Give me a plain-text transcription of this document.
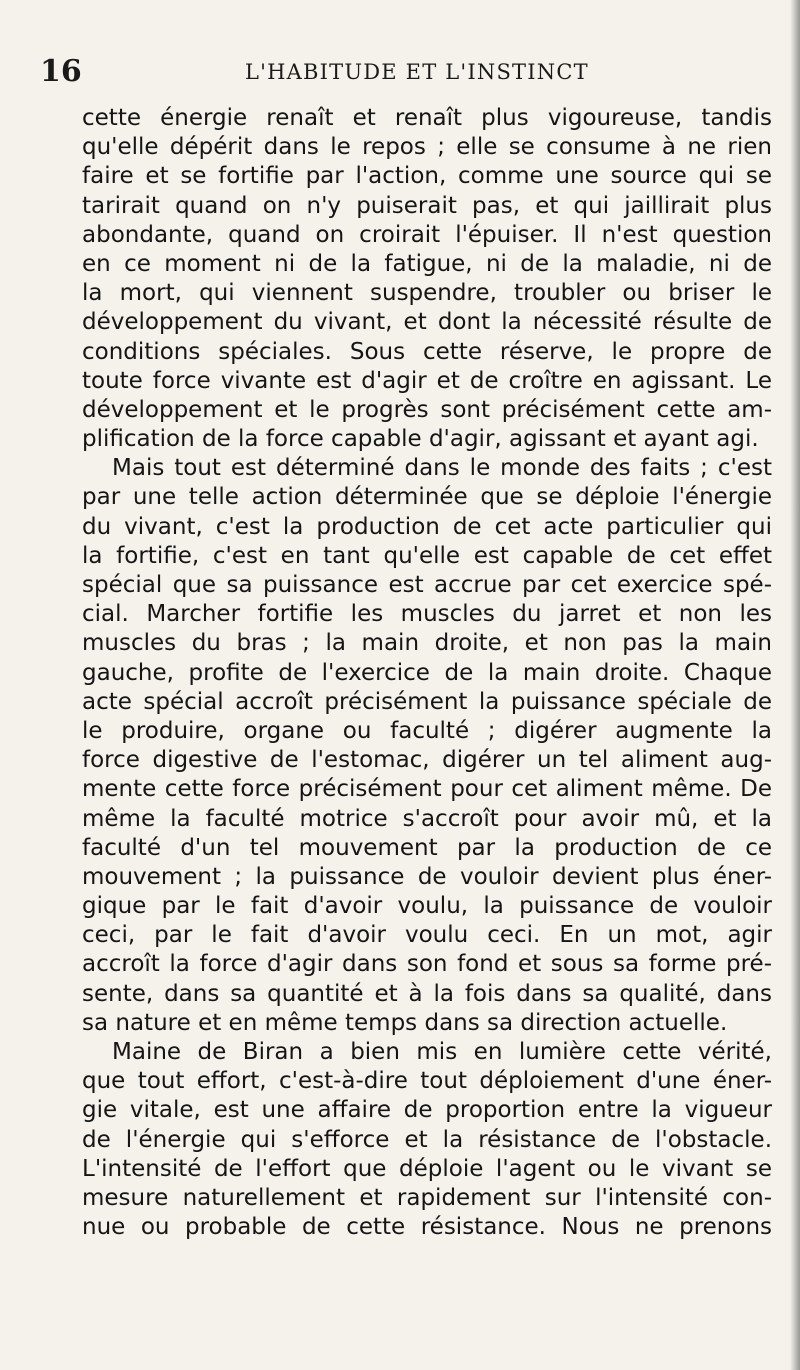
16	L'HABITUDE ET L'INSTINCT
cette énergie renaît et renaît plus vigoureuse, tandis
qu'elle dépérit dans le repos ; elle se consume à ne rien
faire et se fortifie par l'action, comme une source qui se
tarirait quand on n'y puiserait pas, et qui jaillirait plus
abondante, quand on croirait l'épuiser. Il n'est question
en ce moment ni de la fatigue, ni de la maladie, ni de
la mort, qui viennent suspendre, troubler ou briser le
développement du vivant, et dont la nécessité résulte de
conditions spéciales. Sous cette réserve, le propre de
toute force vivante est d'agir et de croître en agissant. Le
développement et le progrès sont précisément cette am-
plification de la force capable d'agir, agissant et ayant agi.
Mais tout est déterminé dans le monde des faits ; c'est
par une telle action déterminée que se déploie l'énergie
du vivant, c'est la production de cet acte particulier qui
la fortifie, c'est en tant qu'elle est capable de cet effet
spécial que sa puissance est accrue par cet exercice spé-
cial. Marcher fortifie les muscles du jarret et non les
muscles du bras ; la main droite, et non pas la main
gauche, profite de l'exercice de la main droite. Chaque
acte spécial accroît précisément la puissance spéciale de
le produire, organe ou faculté ; digérer augmente la
force digestive de l'estomac, digérer un tel aliment aug-
mente cette force précisément pour cet aliment même. De
même la faculté motrice s'accroît pour avoir mû, et la
faculté d'un tel mouvement par la production de ce
mouvement ; la puissance de vouloir devient plus éner-
gique par le fait d'avoir voulu, la puissance de vouloir
ceci, par le fait d'avoir voulu ceci. En un mot, agir
accroît la force d'agir dans son fond et sous sa forme pré-
sente, dans sa quantité et à la fois dans sa qualité, dans
sa nature et en même temps dans sa direction actuelle.
Maine de Biran a bien mis en lumière cette vérité,
que tout effort, c'est-à-dire tout déploiement d'une éner-
gie vitale, est une affaire de proportion entre la vigueur
de l'énergie qui s'efforce et la résistance de l'obstacle.
L'intensité de l'effort que déploie l'agent ou le vivant se
mesure naturellement et rapidement sur l'intensité con-
nue ou probable de cette résistance. Nous ne prenons
